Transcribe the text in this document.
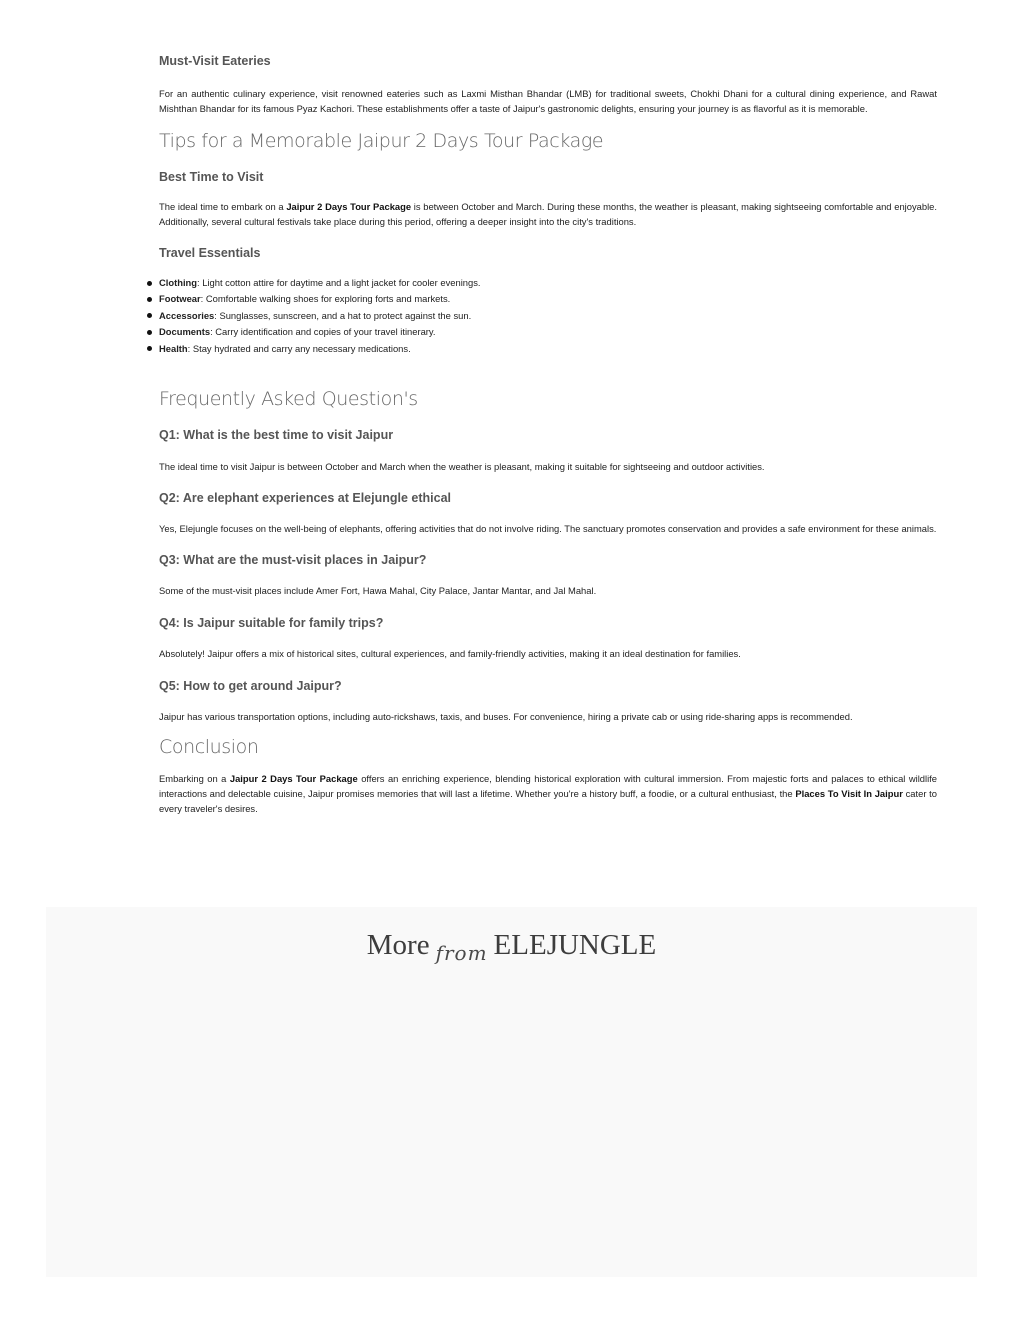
Must-Visit Eateries

For an authentic culinary experience, visit renowned eateries such as Laxmi Misthan Bhandar (LMB) for traditional sweets, Chokhi Dhani for a cultural dining experience, and Rawat Mishthan Bhandar for its famous Pyaz Kachori. These establishments offer a taste of Jaipur's gastronomic delights, ensuring your journey is as flavorful as it is memorable.

Tips for a Memorable Jaipur 2 Days Tour Package
Best Time to Visit

The ideal time to embark on a Jaipur 2 Days Tour Package is between October and March. During these months, the weather is pleasant, making sightseeing comfortable and enjoyable. Additionally, several cultural festivals take place during this period, offering a deeper insight into the city's traditions.

Travel Essentials
Clothing: Light cotton attire for daytime and a light jacket for cooler evenings.
Footwear: Comfortable walking shoes for exploring forts and markets.
Accessories: Sunglasses, sunscreen, and a hat to protect against the sun.
Documents: Carry identification and copies of your travel itinerary.
Health: Stay hydrated and carry any necessary medications.
Frequently Asked Question's
Q1: What is the best time to visit Jaipur

The ideal time to visit Jaipur is between October and March when the weather is pleasant, making it suitable for sightseeing and outdoor activities.

Q2: Are elephant experiences at Elejungle ethical

Yes, Elejungle focuses on the well-being of elephants, offering activities that do not involve riding. The sanctuary promotes conservation and provides a safe environment for these animals.

Q3: What are the must-visit places in Jaipur?

Some of the must-visit places include Amer Fort, Hawa Mahal, City Palace, Jantar Mantar, and Jal Mahal.

Q4: Is Jaipur suitable for family trips?

Absolutely! Jaipur offers a mix of historical sites, cultural experiences, and family-friendly activities, making it an ideal destination for families.

Q5: How to get around Jaipur?

Jaipur has various transportation options, including auto-rickshaws, taxis, and buses. For convenience, hiring a private cab or using ride-sharing apps is recommended.

Conclusion

Embarking on a Jaipur 2 Days Tour Package offers an enriching experience, blending historical exploration with cultural immersion. From majestic forts and palaces to ethical wildlife interactions and delectable cuisine, Jaipur promises memories that will last a lifetime. Whether you're a history buff, a foodie, or a cultural enthusiast, the Places To Visit In Jaipur cater to every traveler's desires.

More $_{from}$ ELEJUNGLE
